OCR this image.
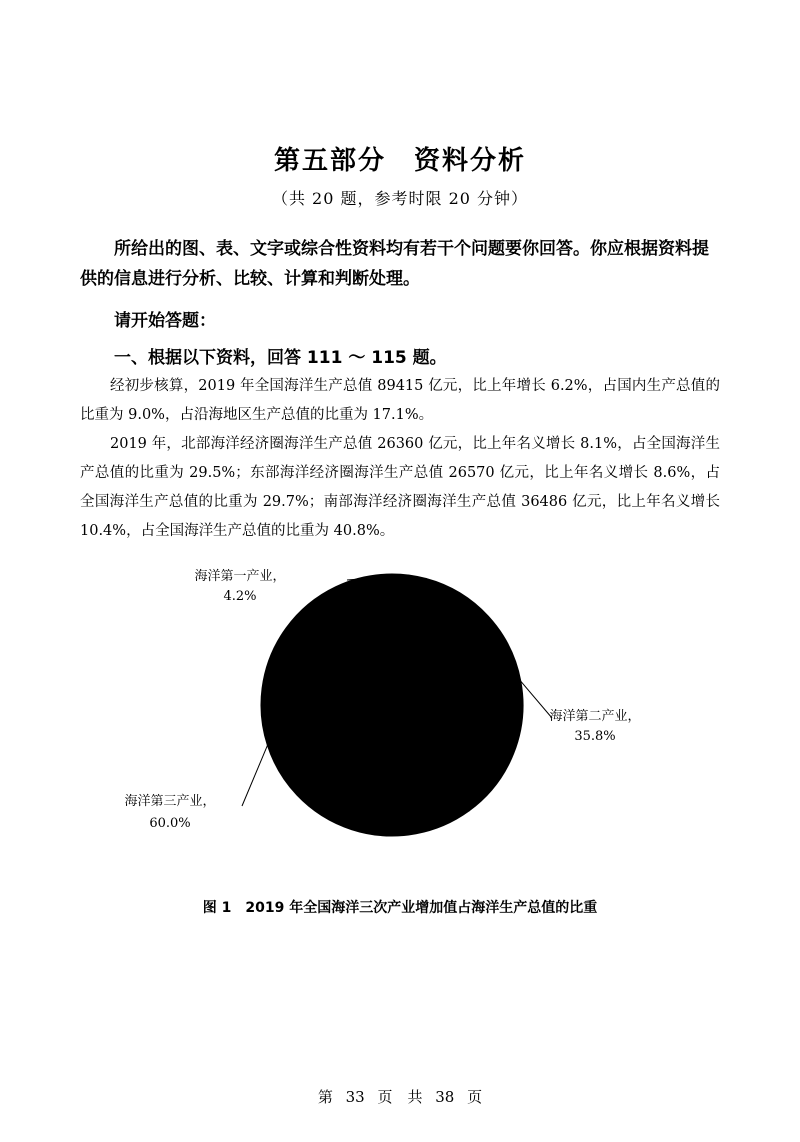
第五部分　资料分析
（共 20 题，参考时限 20 分钟）
所给出的图、表、文字或综合性资料均有若干个问题要你回答。你应根据资料提供的信息进行分析、比较、计算和判断处理。
请开始答题：
一、根据以下资料，回答 111 ～ 115 题。
经初步核算，2019 年全国海洋生产总值 89415 亿元，比上年增长 6.2%，占国内生产总值的比重为 9.0%，占沿海地区生产总值的比重为 17.1%。
2019 年，北部海洋经济圈海洋生产总值 26360 亿元，比上年名义增长 8.1%，占全国海洋生产总值的比重为 29.5%；东部海洋经济圈海洋生产总值 26570 亿元，比上年名义增长 8.6%，占全国海洋生产总值的比重为 29.7%；南部海洋经济圈海洋生产总值 36486 亿元，比上年名义增长 10.4%，占全国海洋生产总值的比重为 40.8%。
海洋第一产业，
4.2%
海洋第二产业，
35.8%
海洋第三产业，
60.0%
图 1　2019 年全国海洋三次产业增加值占海洋生产总值的比重
第 33 页　共 38 页
